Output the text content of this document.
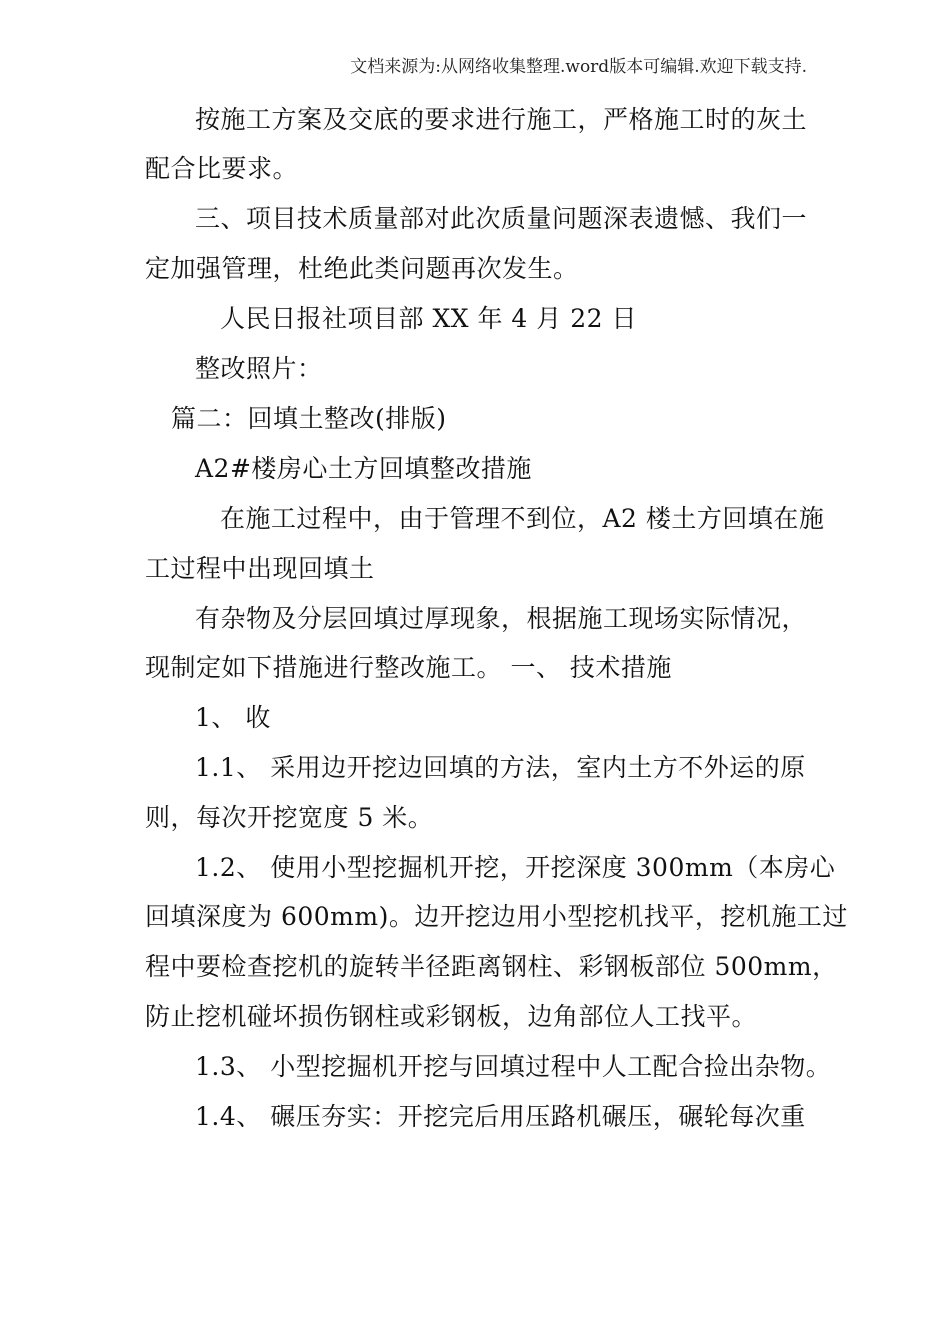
文档来源为:从网络收集整理.word版本可编辑.欢迎下载支持.
按施工方案及交底的要求进行施工，严格施工时的灰土
配合比要求。
三、项目技术质量部对此次质量问题深表遗憾、我们一
定加强管理，杜绝此类问题再次发生。
人民日报社项目部 XX 年 4 月 22 日
整改照片：
篇二：回填土整改(排版)
A2#楼房心土方回填整改措施
在施工过程中，由于管理不到位，A2 楼土方回填在施
工过程中出现回填土
有杂物及分层回填过厚现象，根据施工现场实际情况，
现制定如下措施进行整改施工。 一、 技术措施
1、 收
1.1、 采用边开挖边回填的方法，室内土方不外运的原
则，每次开挖宽度 5 米。
1.2、 使用小型挖掘机开挖，开挖深度 300mm（本房心
回填深度为 600mm)。边开挖边用小型挖机找平，挖机施工过
程中要检查挖机的旋转半径距离钢柱、彩钢板部位 500mm，
防止挖机碰坏损伤钢柱或彩钢板，边角部位人工找平。
1.3、 小型挖掘机开挖与回填过程中人工配合捡出杂物。
1.4、 碾压夯实：开挖完后用压路机碾压，碾轮每次重
